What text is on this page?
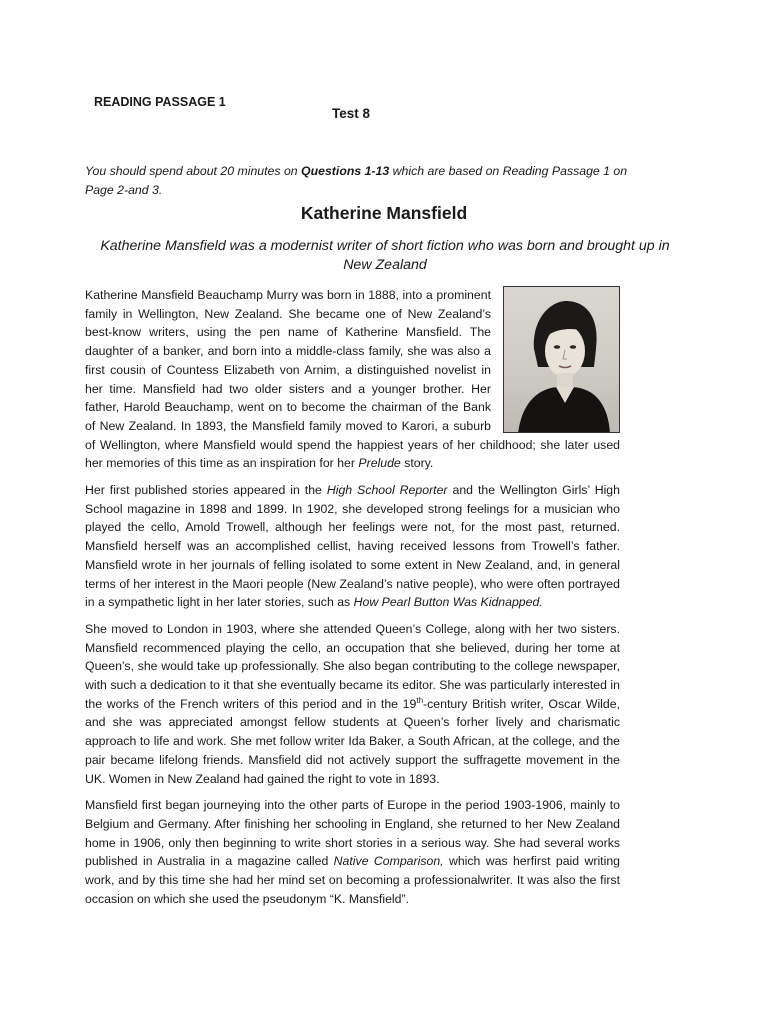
READING PASSAGE 1
Test 8
You should spend about 20 minutes on Questions 1-13 which are based on Reading Passage 1 on Page 2-and 3.
Katherine Mansfield
Katherine Mansfield was a modernist writer of short fiction who was born and brought up in New Zealand

Katherine Mansfield Beauchamp Murry was born in 1888, into a prominent family in Wellington, New Zealand. She became one of New Zealand’s best-know writers, using the pen name of Katherine Mansfield. The daughter of a banker, and born into a middle-class family, she was also a first cousin of Countess Elizabeth von Arnim, a distinguished novelist in her time. Mansfield had two older sisters and a younger brother. Her father, Harold Beauchamp, went on to become the chairman of the Bank of New Zealand. In 1893, the Mansfield family moved to Karori, a suburb of Wellington, where Mansfield would spend the happiest years of her childhood; she later used her memories of this time as an inspiration for her Prelude story.

Her first published stories appeared in the High School Reporter and the Wellington Girls’ High School magazine in 1898 and 1899. In 1902, she developed strong feelings for a musician who played the cello, Amold Trowell, although her feelings were not, for the most past, returned. Mansfield herself was an accomplished cellist, having received lessons from Trowell’s father. Mansfield wrote in her journals of felling isolated to some extent in New Zealand, and, in general terms of her interest in the Maori people (New Zealand’s native people), who were often portrayed in a sympathetic light in her later stories, such as How Pearl Button Was Kidnapped.

She moved to London in 1903, where she attended Queen’s College, along with her two sisters. Mansfield recommenced playing the cello, an occupation that she believed, during her tome at Queen’s, she would take up professionally. She also began contributing to the college newspaper, with such a dedication to it that she eventually became its editor. She was particularly interested in the works of the French writers of this period and in the 19th-century British writer, Oscar Wilde, and she was appreciated amongst fellow students at Queen’s forher lively and charismatic approach to life and work. She met follow writer Ida Baker, a South African, at the college, and the pair became lifelong friends. Mansfield did not actively support the suffragette movement in the UK. Women in New Zealand had gained the right to vote in 1893.

Mansfield first began journeying into the other parts of Europe in the period 1903-1906, mainly to Belgium and Germany. After finishing her schooling in England, she returned to her New Zealand home in 1906, only then beginning to write short stories in a serious way. She had several works published in Australia in a magazine called Native Comparison, which was herfirst paid writing work, and by this time she had her mind set on becoming a professionalwriter. It was also the first occasion on which she used the pseudonym “K. Mansfield”.
